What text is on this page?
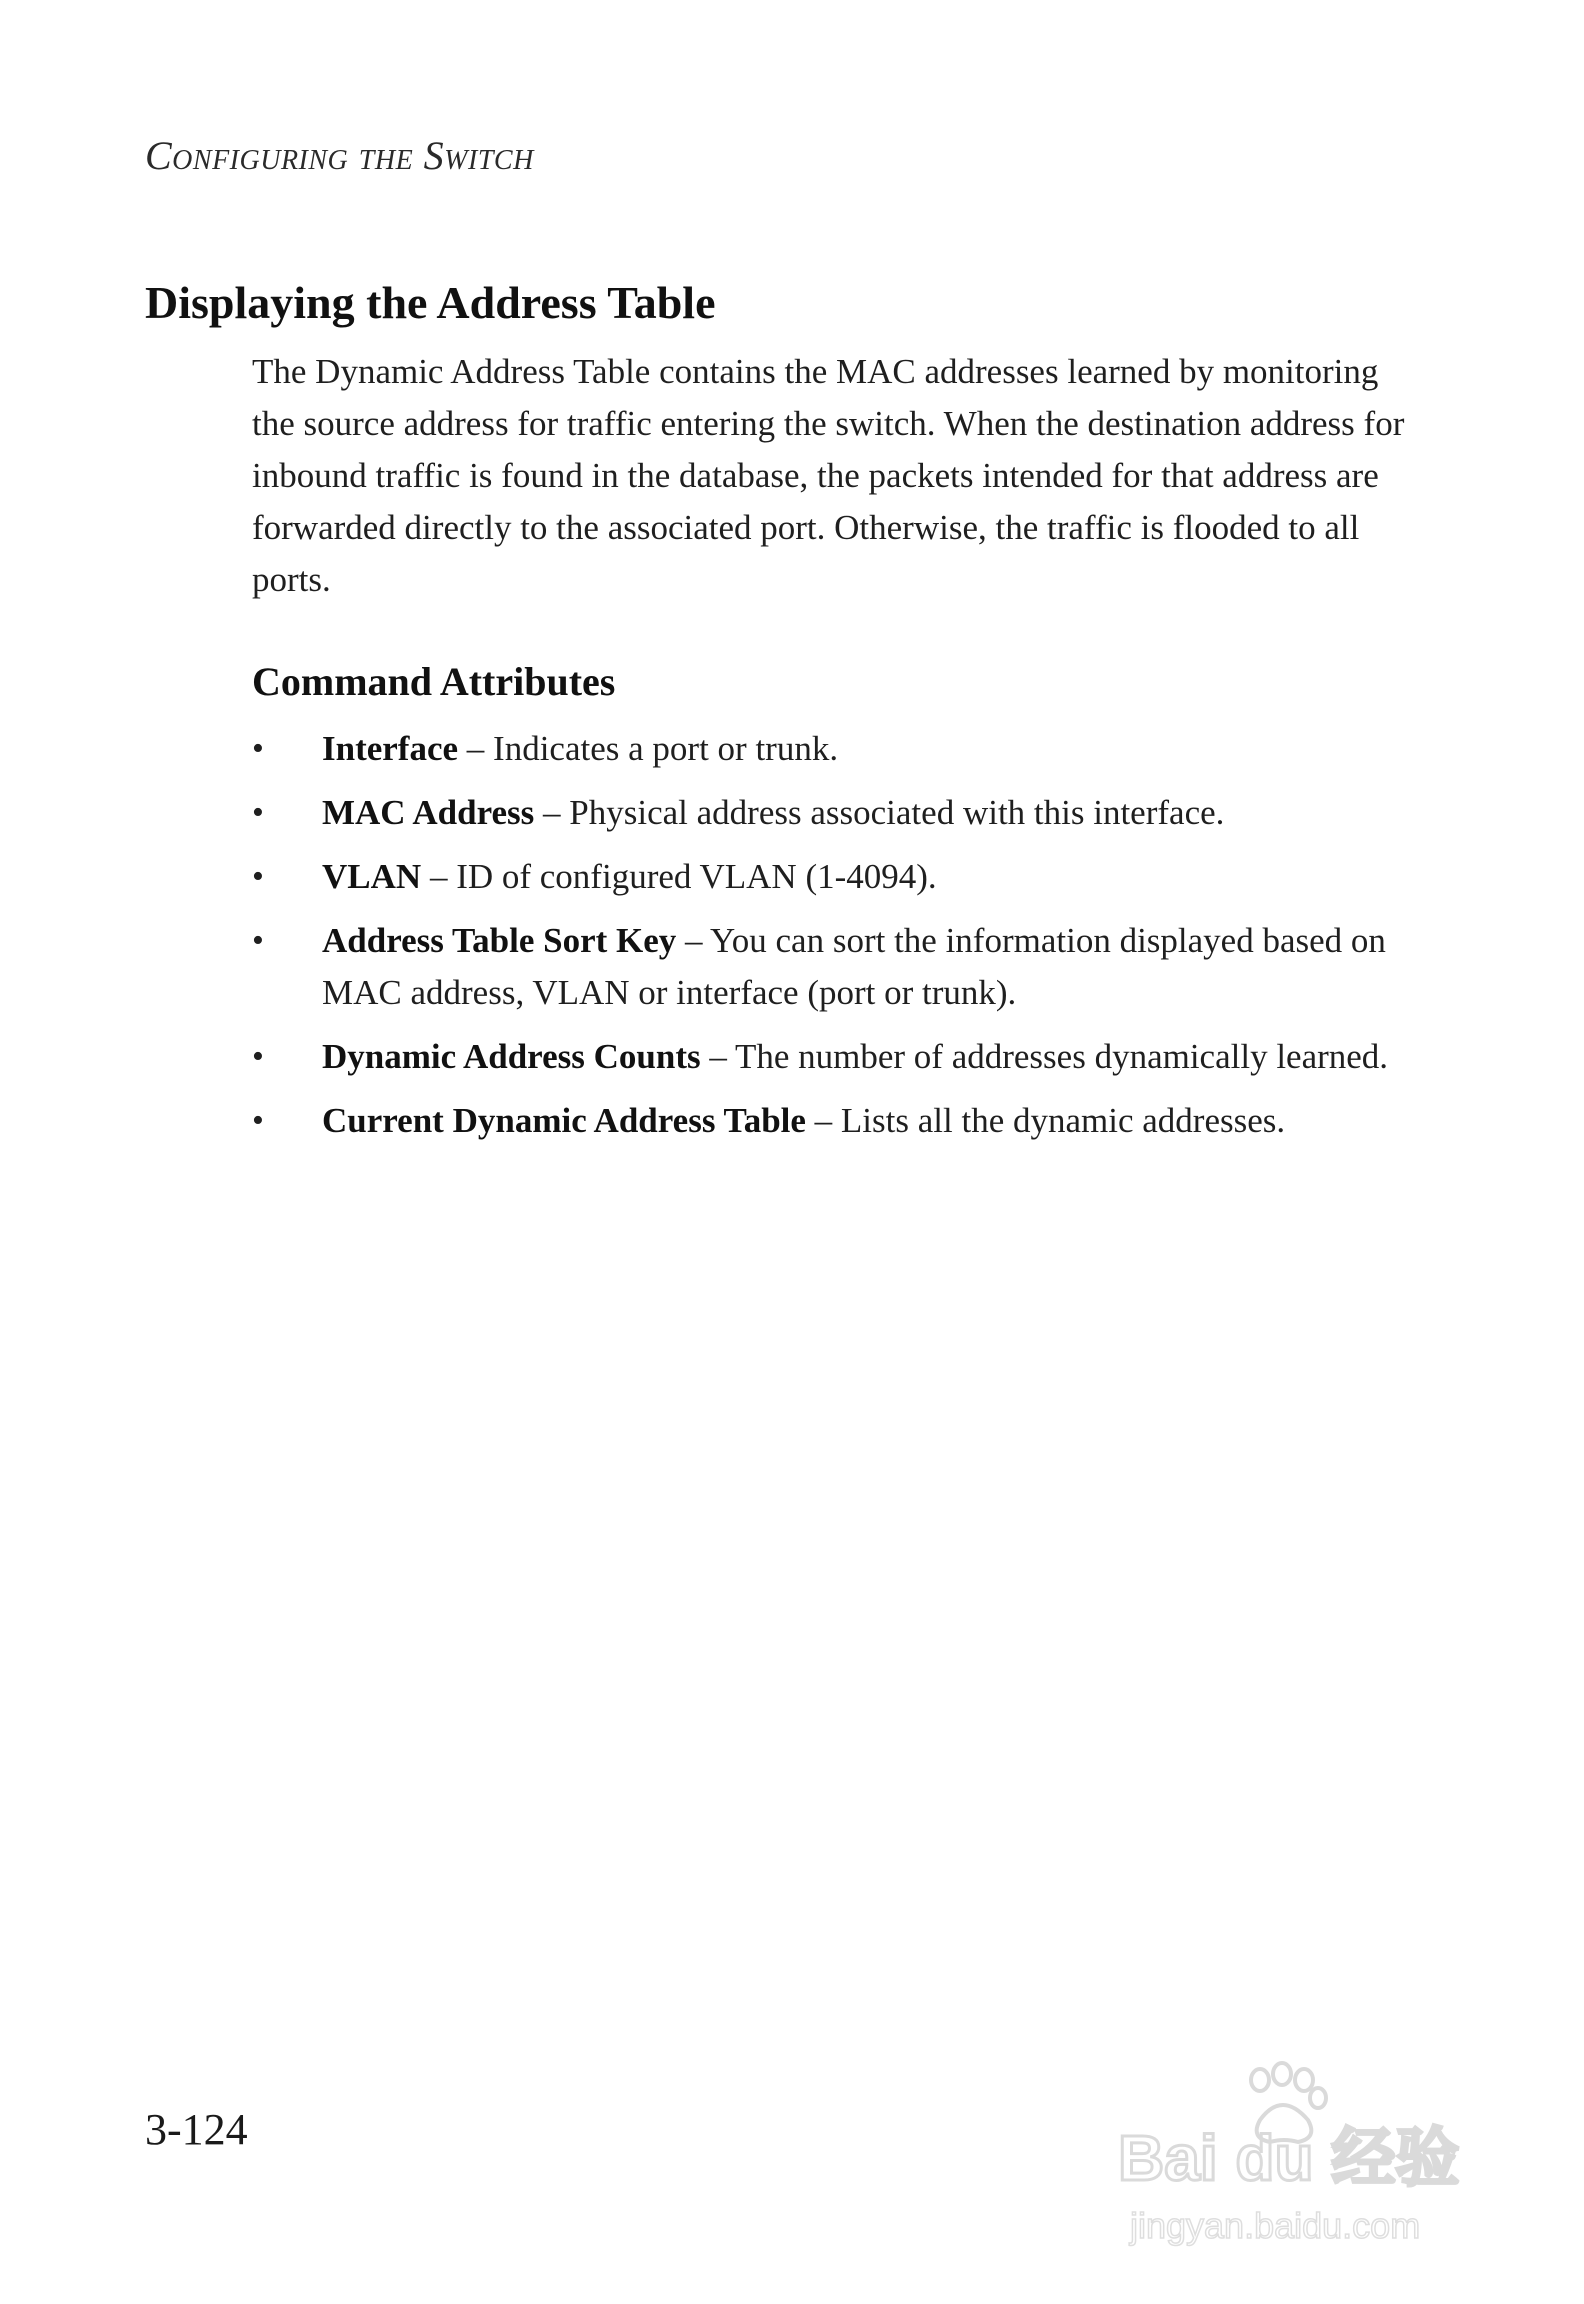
Configuring the Switch
Displaying the Address Table

The Dynamic Address Table contains the MAC addresses learned by monitoring the source address for traffic entering the switch. When the destination address for inbound traffic is found in the database, the packets intended for that address are forwarded directly to the associated port. Otherwise, the traffic is flooded to all ports.

Command Attributes
•	Interface – Indicates a port or trunk.
•	MAC Address – Physical address associated with this interface.
•	VLAN – ID of configured VLAN (1-4094).
•	Address Table Sort Key – You can sort the information displayed based on MAC address, VLAN or interface (port or trunk).
•	Dynamic Address Counts – The number of addresses dynamically learned.
•	Current Dynamic Address Table – Lists all the dynamic addresses.
3-124	Bai du 经验
jingyan.baidu.com
